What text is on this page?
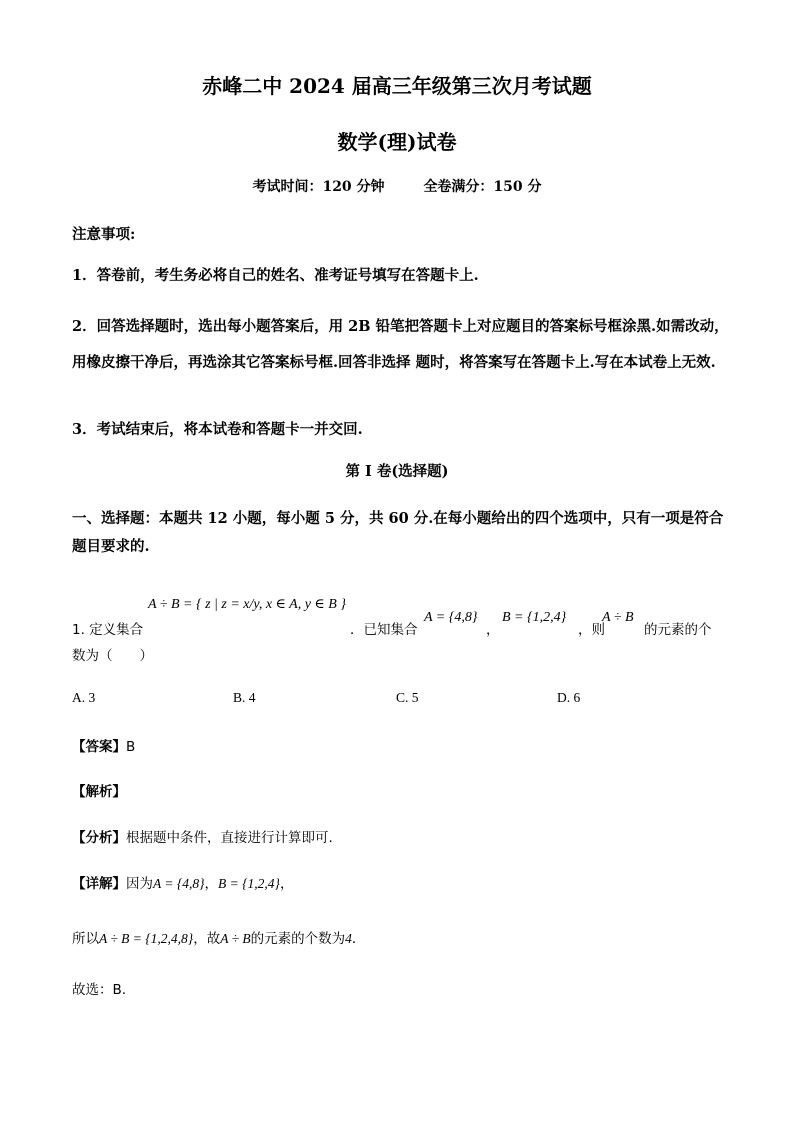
赤峰二中 2024 届高三年级第三次月考试题
数学(理)试卷
考试时间：120 分钟	全卷满分：150 分
注意事项:
1．答卷前，考生务必将自己的姓名、准考证号填写在答题卡上.
2．回答选择题时，选出每小题答案后，用 2B 铅笔把答题卡上对应题目的答案标号框涂黑.如需改动，用橡皮擦干净后，再选涂其它答案标号框.回答非选择 题时，将答案写在答题卡上.写在本试卷上无效.
3．考试结束后，将本试卷和答题卡一并交回.
第 I 卷(选择题)
一、选择题：本题共 12 小题，每小题 5 分，共 60 分.在每小题给出的四个选项中，只有一项是符合题目要求的.
1. 定义集合
A ÷ B = { z | z = x/y, x ∈ A, y ∈ B }
．已知集合
A = {4,8}
，
B = {1,2,4}
，则
A ÷ B
的元素的个
数为（　　）
A. 3	B. 4	C. 5	D. 6
【答案】B
【解析】
【分析】根据题中条件，直接进行计算即可.
【详解】因为A = {4,8}，B = {1,2,4}，
所以A ÷ B = {1,2,4,8}，故A ÷ B的元素的个数为4．
故选：B.
